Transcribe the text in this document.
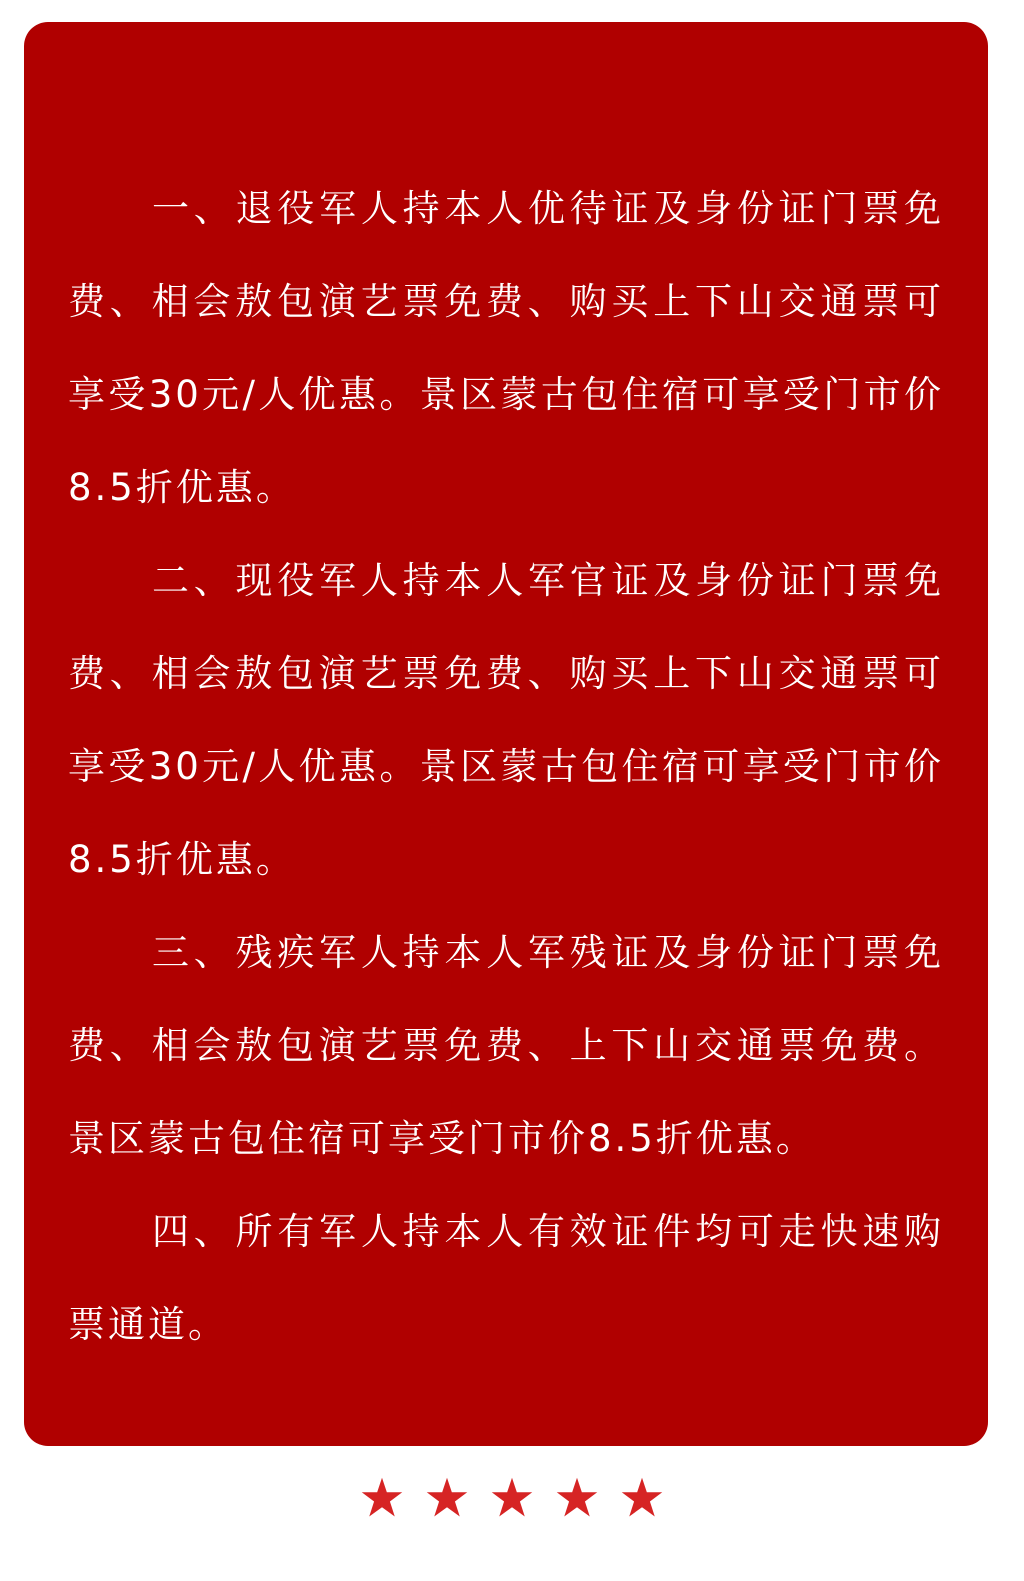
一、退役军人持本人优待证及身份证门票免费、相会敖包演艺票免费、购买上下山交通票可享受30元/人优惠。景区蒙古包住宿可享受门市价8.5折优惠。

二、现役军人持本人军官证及身份证门票免费、相会敖包演艺票免费、购买上下山交通票可享受30元/人优惠。景区蒙古包住宿可享受门市价8.5折优惠。

三、残疾军人持本人军残证及身份证门票免费、相会敖包演艺票免费、上下山交通票免费。景区蒙古包住宿可享受门市价8.5折优惠。

四、所有军人持本人有效证件均可走快速购票通道。
